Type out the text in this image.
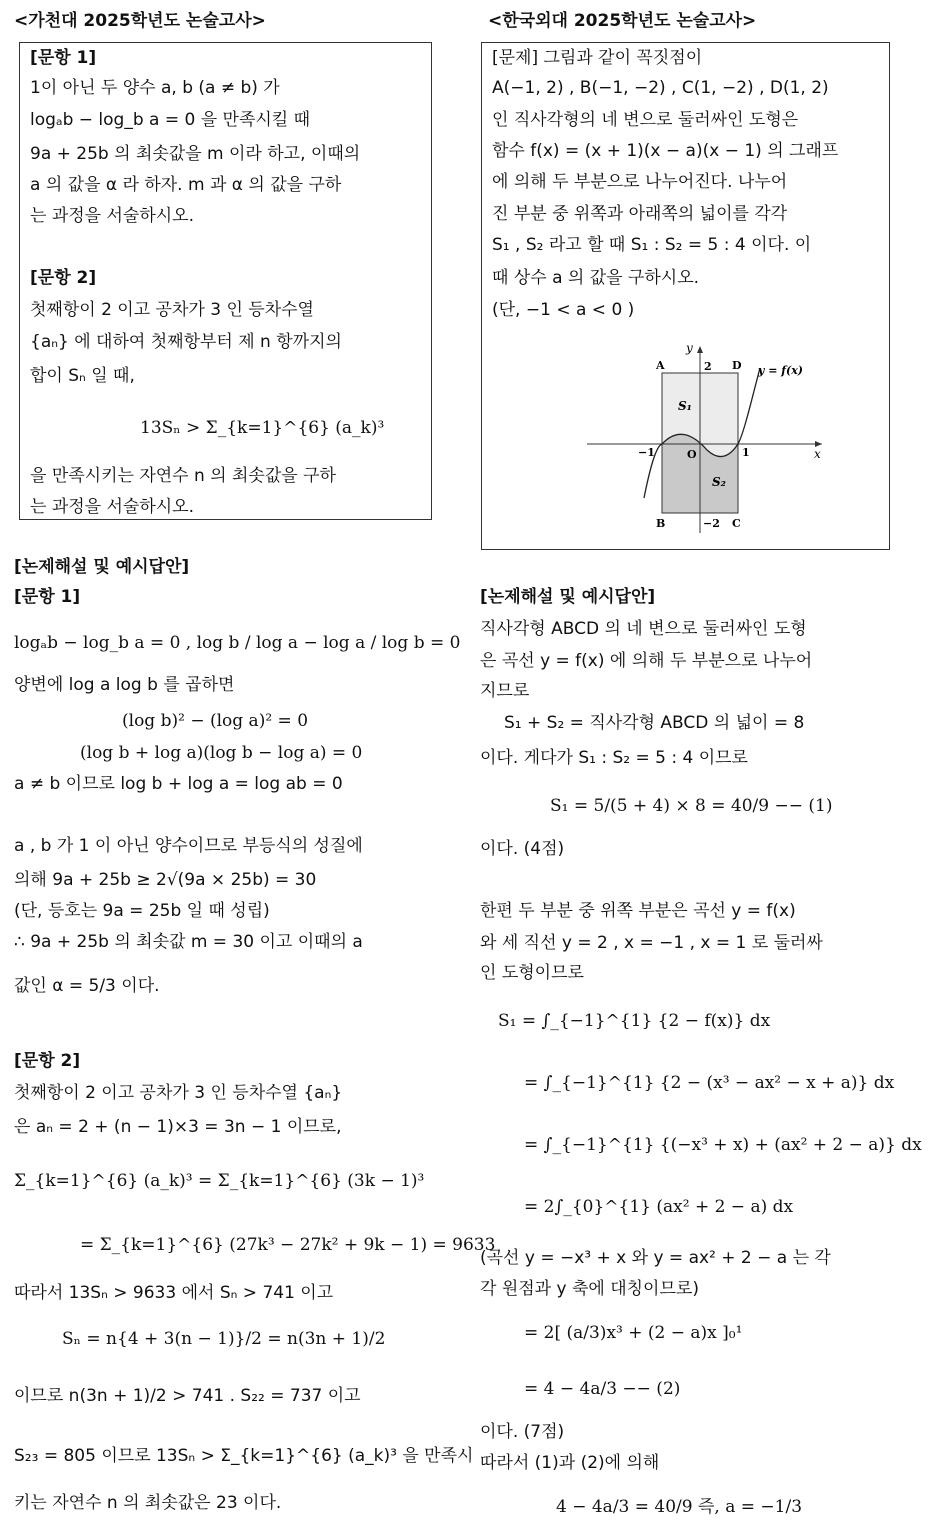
<가천대 2025학년도 논술고사>
[문항 1]
1이 아닌 두 양수 a, b (a ≠ b) 가
logₐb − log_b a = 0 을 만족시킬 때
9a + 25b 의 최솟값을 m 이라 하고, 이때의
a 의 값을 α 라 하자. m 과 α 의 값을 구하
는 과정을 서술하시오.
[문항 2]
첫째항이 2 이고 공차가 3 인 등차수열
{aₙ} 에 대하여 첫째항부터 제 n 항까지의
합이 Sₙ 일 때,
13Sₙ > Σ_{k=1}^{6} (a_k)³
을 만족시키는 자연수 n 의 최솟값을 구하
는 과정을 서술하시오.
[논제해설 및 예시답안]
[문항 1]
logₐb − log_b a = 0 , log b / log a − log a / log b = 0
양변에 log a log b 를 곱하면
(log b)² − (log a)² = 0
(log b + log a)(log b − log a) = 0
a ≠ b 이므로 log b + log a = log ab = 0
a , b 가 1 이 아닌 양수이므로 부등식의 성질에
의해 9a + 25b ≥ 2√(9a × 25b) = 30
(단, 등호는 9a = 25b 일 때 성립)
∴ 9a + 25b 의 최솟값 m = 30 이고 이때의 a
값인 α = 5/3 이다.
[문항 2]
첫째항이 2 이고 공차가 3 인 등차수열 {aₙ}
은 aₙ = 2 + (n − 1)×3 = 3n − 1 이므로,
Σ_{k=1}^{6} (a_k)³ = Σ_{k=1}^{6} (3k − 1)³
= Σ_{k=1}^{6} (27k³ − 27k² + 9k − 1) = 9633
따라서 13Sₙ > 9633 에서 Sₙ > 741 이고
Sₙ = n{4 + 3(n − 1)}/2 = n(3n + 1)/2
이므로 n(3n + 1)/2 > 741 . S₂₂ = 737 이고
S₂₃ = 805 이므로 13Sₙ > Σ_{k=1}^{6} (a_k)³ 을 만족시
키는 자연수 n 의 최솟값은 23 이다.
<한국외대 2025학년도 논술고사>
[문제] 그림과 같이 꼭짓점이
A(−1, 2) , B(−1, −2) , C(1, −2) , D(1, 2)
인 직사각형의 네 변으로 둘러싸인 도형은
함수 f(x) = (x + 1)(x − a)(x − 1) 의 그래프
에 의해 두 부분으로 나누어진다. 나누어
진 부분 중 위쪽과 아래쪽의 넓이를 각각
S₁ , S₂ 라고 할 때 S₁ : S₂ = 5 : 4 이다. 이
때 상수 a 의 값을 구하시오.
(단, −1 < a < 0 )
y
x
A	D
B	C
2
−2
−1	1
O
S₁
S₂
y = f(x)
[논제해설 및 예시답안]
직사각형 ABCD 의 네 변으로 둘러싸인 도형
은 곡선 y = f(x) 에 의해 두 부분으로 나누어
지므로
S₁ + S₂ = 직사각형 ABCD 의 넓이 = 8
이다. 게다가 S₁ : S₂ = 5 : 4 이므로
S₁ = 5/(5 + 4) × 8 = 40/9 −− (1)
이다. (4점)
한편 두 부분 중 위쪽 부분은 곡선 y = f(x)
와 세 직선 y = 2 , x = −1 , x = 1 로 둘러싸
인 도형이므로
S₁ = ∫_{−1}^{1} {2 − f(x)} dx
= ∫_{−1}^{1} {2 − (x³ − ax² − x + a)} dx
= ∫_{−1}^{1} {(−x³ + x) + (ax² + 2 − a)} dx
= 2∫_{0}^{1} (ax² + 2 − a) dx
(곡선 y = −x³ + x 와 y = ax² + 2 − a 는 각
각 원점과 y 축에 대칭이므로)
= 2[ (a/3)x³ + (2 − a)x ]₀¹
= 4 − 4a/3 −− (2)
이다. (7점)
따라서 (1)과 (2)에 의해
4 − 4a/3 = 40/9 즉, a = −1/3
